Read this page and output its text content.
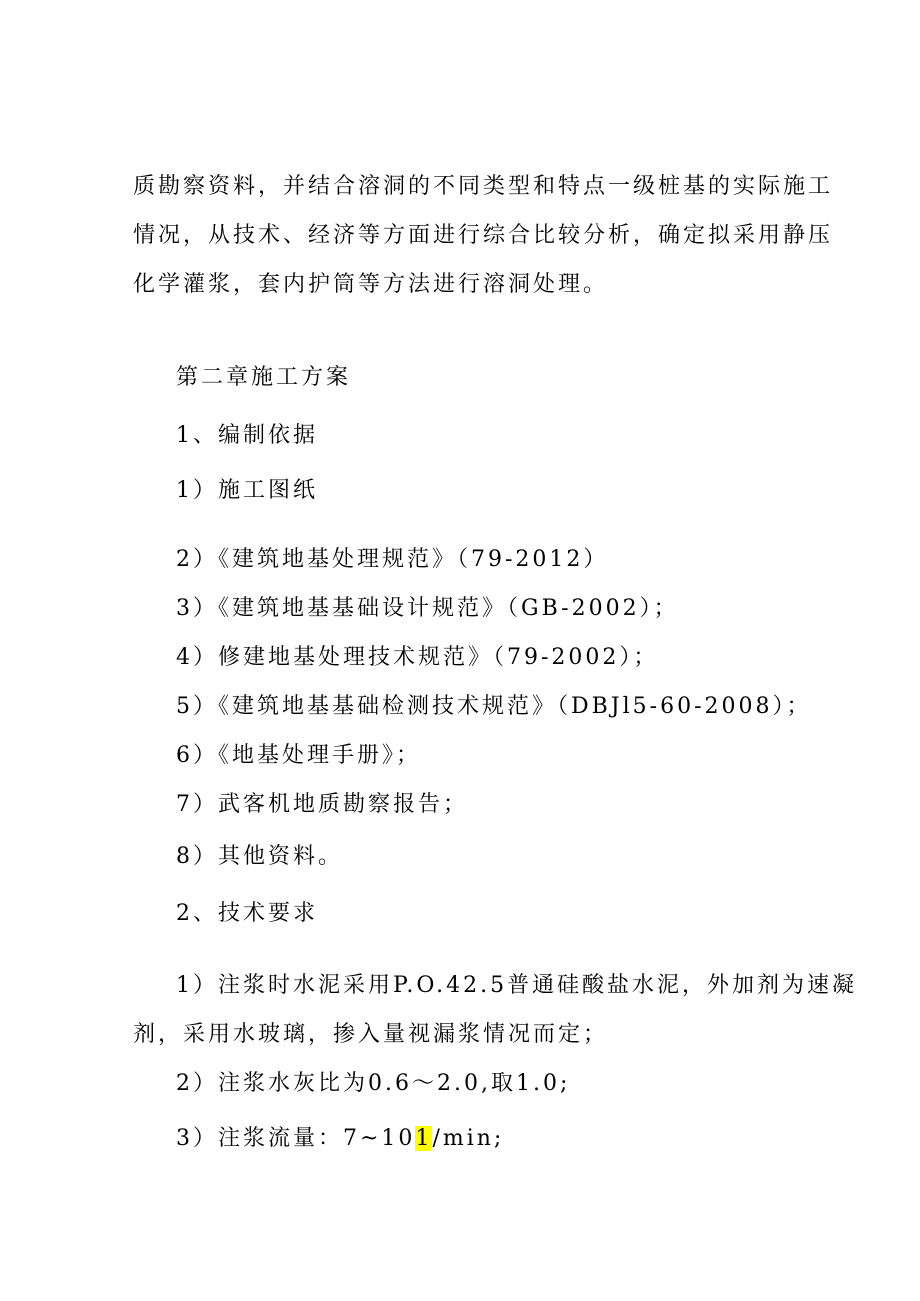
质勘察资料，并结合溶洞的不同类型和特点一级桩基的实际施工
情况，从技术、经济等方面进行综合比较分析，确定拟采用静压
化学灌浆，套内护筒等方法进行溶洞处理。
第二章施工方案
1、编制依据
1）施工图纸
2）《建筑地基处理规范》（79-2012）
3）《建筑地基基础设计规范》（GB-2002）；
4）修建地基处理技术规范》（79-2002）；
5）《建筑地基基础检测技术规范》（DBJl5-60-2008）；
6）《地基处理手册》；
7）武客机地质勘察报告；
8）其他资料。
2、技术要求
1）注浆时水泥采用P.O.42.5普通硅酸盐水泥，外加剂为速凝
剂，采用水玻璃，掺入量视漏浆情况而定；
2）注浆水灰比为0.6～2.0,取1.0;
3）注浆流量：7~101/min;
